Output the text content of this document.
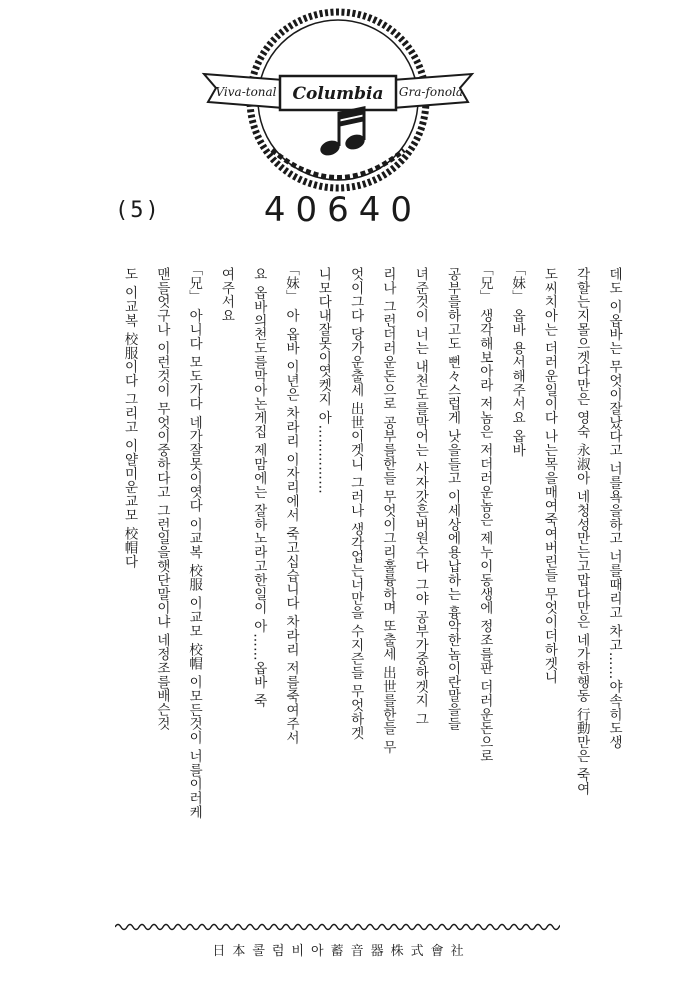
Viva-tonal Columbia Gra-fonola
(5)	40640
데도 이옵바는 무엇이잘났다고 너를욕을하고 너를때리고 차고……야속히도생
각할는지몰으겟다만은 영숙 永淑아 네청성만는고맙다만은 네가한행동 行動만은 죽여
도씨치아는 더러운일이다 나는목을매여죽여버린들 무엇이더하겟니
「妹」옵바 용서해주서요 옵바
「兄」생각해보아라 저놈은 저더러운놈은 제누이동생에 정조를판 더러운돈으로
공부를하고도 뻔々스럽게 낫을들고 이세상에용납하는 흉악한놈이란말을들
녀준것이 너는 내천도를막어는 사자갓흔버원수다 그야 공부가중하겟지 그
리나 그런더러운돈으로 공부를한들 무엇이그리훌륭하며 또출세 出世를한들 무
엇이그다 당가운출세 出世이겟니 그러나 생각업는너만을 수지즌들 무엇하겟
니모다내잘못이엿켓지 아……………
「妹」아 옵바 이년은 차라리 이자리에서 죽고십습니다 차라리 저를죽여주서
요 옵바의천도를막아논게집 제맘에는 잘하노라고한일이 아……옵바 죽
여주서요
「兄」아니다 모도가다 네가잘못이엿다 이교복 校服 이교모 校帽 이모든것이 너를이러케
맨들엇구나 이런것이 무엇이중하다고 그런일을햇단말이냐 네정조를배슨것
도 이교복 校服이다 그리고 이얄미운교모 校帽다
日本콜럼비아蓄音器株式會社
